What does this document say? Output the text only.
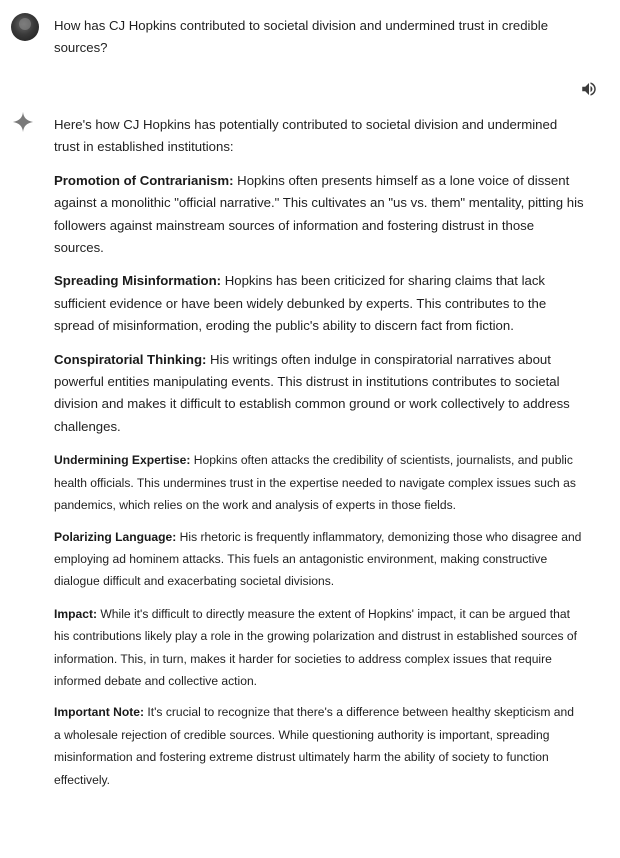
How has CJ Hopkins contributed to societal division and undermined trust in credible sources?

Here's how CJ Hopkins has potentially contributed to societal division and undermined trust in established institutions:

Promotion of Contrarianism: Hopkins often presents himself as a lone voice of dissent against a monolithic "official narrative." This cultivates an "us vs. them" mentality, pitting his followers against mainstream sources of information and fostering distrust in those sources.

Spreading Misinformation: Hopkins has been criticized for sharing claims that lack sufficient evidence or have been widely debunked by experts. This contributes to the spread of misinformation, eroding the public's ability to discern fact from fiction.

Conspiratorial Thinking: His writings often indulge in conspiratorial narratives about powerful entities manipulating events. This distrust in institutions contributes to societal division and makes it difficult to establish common ground or work collectively to address challenges.

Undermining Expertise: Hopkins often attacks the credibility of scientists, journalists, and public health officials. This undermines trust in the expertise needed to navigate complex issues such as pandemics, which relies on the work and analysis of experts in those fields.

Polarizing Language: His rhetoric is frequently inflammatory, demonizing those who disagree and employing ad hominem attacks. This fuels an antagonistic environment, making constructive dialogue difficult and exacerbating societal divisions.

Impact: While it's difficult to directly measure the extent of Hopkins' impact, it can be argued that his contributions likely play a role in the growing polarization and distrust in established sources of information. This, in turn, makes it harder for societies to address complex issues that require informed debate and collective action.

Important Note: It's crucial to recognize that there's a difference between healthy skepticism and a wholesale rejection of credible sources. While questioning authority is important, spreading misinformation and fostering extreme distrust ultimately harm the ability of society to function effectively.
